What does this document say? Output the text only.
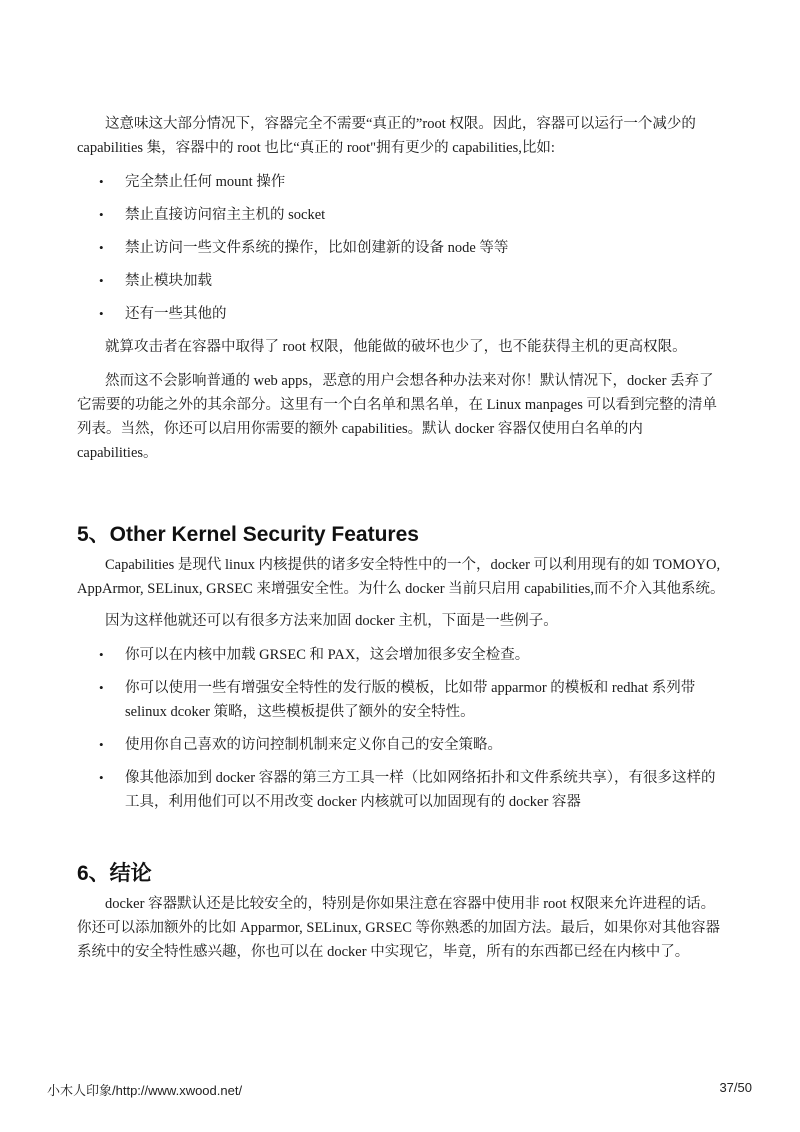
这意味这大部分情况下，容器完全不需要“真正的”root 权限。因此，容器可以运行一个减少的 capabilities 集，容器中的 root 也比“真正的 root"拥有更少的 capabilities,比如:

• 完全禁止任何 mount 操作
• 禁止直接访问宿主主机的 socket
• 禁止访问一些文件系统的操作，比如创建新的设备 node 等等
• 禁止模块加载
• 还有一些其他的

就算攻击者在容器中取得了 root 权限，他能做的破坏也少了，也不能获得主机的更高权限。

然而这不会影响普通的 web apps，恶意的用户会想各种办法来对你！默认情况下，docker 丢弃了它需要的功能之外的其余部分。这里有一个白名单和黑名单，在 Linux manpages 可以看到完整的清单列表。当然，你还可以启用你需要的额外 capabilities。默认 docker 容器仅使用白名单的内 capabilities。

5、Other Kernel Security Features

Capabilities 是现代 linux 内核提供的诸多安全特性中的一个，docker 可以利用现有的如 TOMOYO, AppArmor, SELinux, GRSEC 来增强安全性。为什么 docker 当前只启用 capabilities,而不介入其他系统。

因为这样他就还可以有很多方法来加固 docker 主机，下面是一些例子。

• 你可以在内核中加载 GRSEC 和 PAX，这会增加很多安全检查。
• 你可以使用一些有增强安全特性的发行版的模板，比如带 apparmor 的模板和 redhat 系列带 selinux dcoker 策略，这些模板提供了额外的安全特性。
• 使用你自己喜欢的访问控制机制来定义你自己的安全策略。
• 像其他添加到 docker 容器的第三方工具一样（比如网络拓扑和文件系统共享），有很多这样的工具，利用他们可以不用改变 docker 内核就可以加固现有的 docker 容器
6、结论

docker 容器默认还是比较安全的，特别是你如果注意在容器中使用非 root 权限来允许进程的话。你还可以添加额外的比如 Apparmor, SELinux, GRSEC 等你熟悉的加固方法。最后，如果你对其他容器系统中的安全特性感兴趣，你也可以在 docker 中实现它，毕竟，所有的东西都已经在内核中了。

小木人印象/http://www.xwood.net/	37/50
